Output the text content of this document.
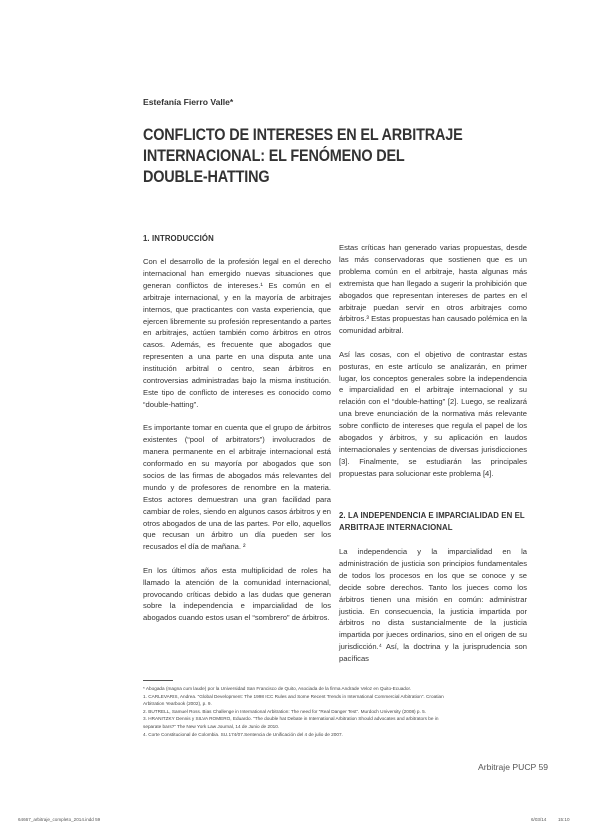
Estefanía Fierro Valle*
CONFLICTO DE INTERESES EN EL ARBITRAJE
INTERNACIONAL: EL FENÓMENO DEL
DOUBLE-HATTING
1. INTRODUCCIÓN

Con el desarrollo de la profesión legal en el derecho internacional han emergido nuevas situaciones que generan conflictos de intereses.¹ Es común en el arbitraje internacional, y en la mayoría de arbitrajes internos, que practicantes con vasta experiencia, que ejercen libremente su profesión representando a partes en arbitrajes, actúen también como árbitros en otros casos. Además, es frecuente que abogados que representen a una parte en una disputa ante una institución arbitral o centro, sean árbitros en controversias administradas bajo la misma institución. Este tipo de conflicto de intereses es conocido como “double-hatting”.

Es importante tomar en cuenta que el grupo de árbitros existentes (“pool of arbitrators”) involucrados de manera permanente en el arbitraje internacional está conformado en su mayoría por abogados que son socios de las firmas de abogados más relevantes del mundo y de profesores de renombre en la materia. Estos actores demuestran una gran facilidad para cambiar de roles, siendo en algunos casos árbitros y en otros abogados de una de las partes. Por ello, aquellos que recusan un árbitro un día pueden ser los recusados el día de mañana. ²

En los últimos años esta multiplicidad de roles ha llamado la atención de la comunidad internacional, provocando críticas debido a las dudas que generan sobre la independencia e imparcialidad de los abogados cuando estos usan el “sombrero” de árbitros.

Estas críticas han generado varias propuestas, desde las más conservadoras que sostienen que es un problema común en el arbitraje, hasta algunas más extremista que han llegado a sugerir la prohibición que abogados que representan intereses de partes en el arbitraje puedan servir en otros arbitrajes como árbitros.³ Estas propuestas han causado polémica en la comunidad arbitral.

Así las cosas, con el objetivo de contrastar estas posturas, en este artículo se analizarán, en primer lugar, los conceptos generales sobre la independencia e imparcialidad en el arbitraje internacional y su relación con el “double-hatting” [2]. Luego, se realizará una breve enunciación de la normativa más relevante sobre conflicto de intereses que regula el papel de los abogados y árbitros, y su aplicación en laudos internacionales y sentencias de diversas jurisdicciones [3]. Finalmente, se estudiarán las principales propuestas para solucionar este problema [4].

2. LA INDEPENDENCIA E IMPARCIALIDAD EN EL ARBITRAJE INTERNACIONAL

La independencia y la imparcialidad en la administración de justicia son principios fundamentales de todos los procesos en los que se conoce y se decide sobre derechos. Tanto los jueces como los árbitros tienen una misión en común: administrar justicia. En consecuencia, la justicia impartida por árbitros no dista sustancialmente de la justicia impartida por jueces ordinarios, sino en el origen de su jurisdicción.⁴ Así, la doctrina y la jurisprudencia son pacíficas

* Abogada (magna cum laude) por la Universidad San Francisco de Quito, Asociada de la firma Andrade Veloz en Quito-Ecuador.
1. CARLEVARIS, Andrea. “Global Development: The 1998 ICC Rules and Some Recent Trends in International Commercial Arbitration”. Croatian
Arbitration Yearbook (2002), p. 9.
2. BUTRELL, Samuel Ross. Bias Challenge in International Arbitration: The need for “Real Danger Test”. Murdoch University (2008) p. 5.
3. HRANITZKY Dennis y SILVA ROMERO, Eduardo. “The double hat Debate in International Arbitration Should advocates and arbitrators be in
separate bars?” The New York Law Journal, 14 de Junio de 2010.
4. Corte Constitucional de Colombia. SU.174/07.Sentencia de Unificación del 4 de julio de 2007.
Arbitraje PUCP 59
64667_arbitraje_completo_2014.indd 59	6/03/14	15:10
